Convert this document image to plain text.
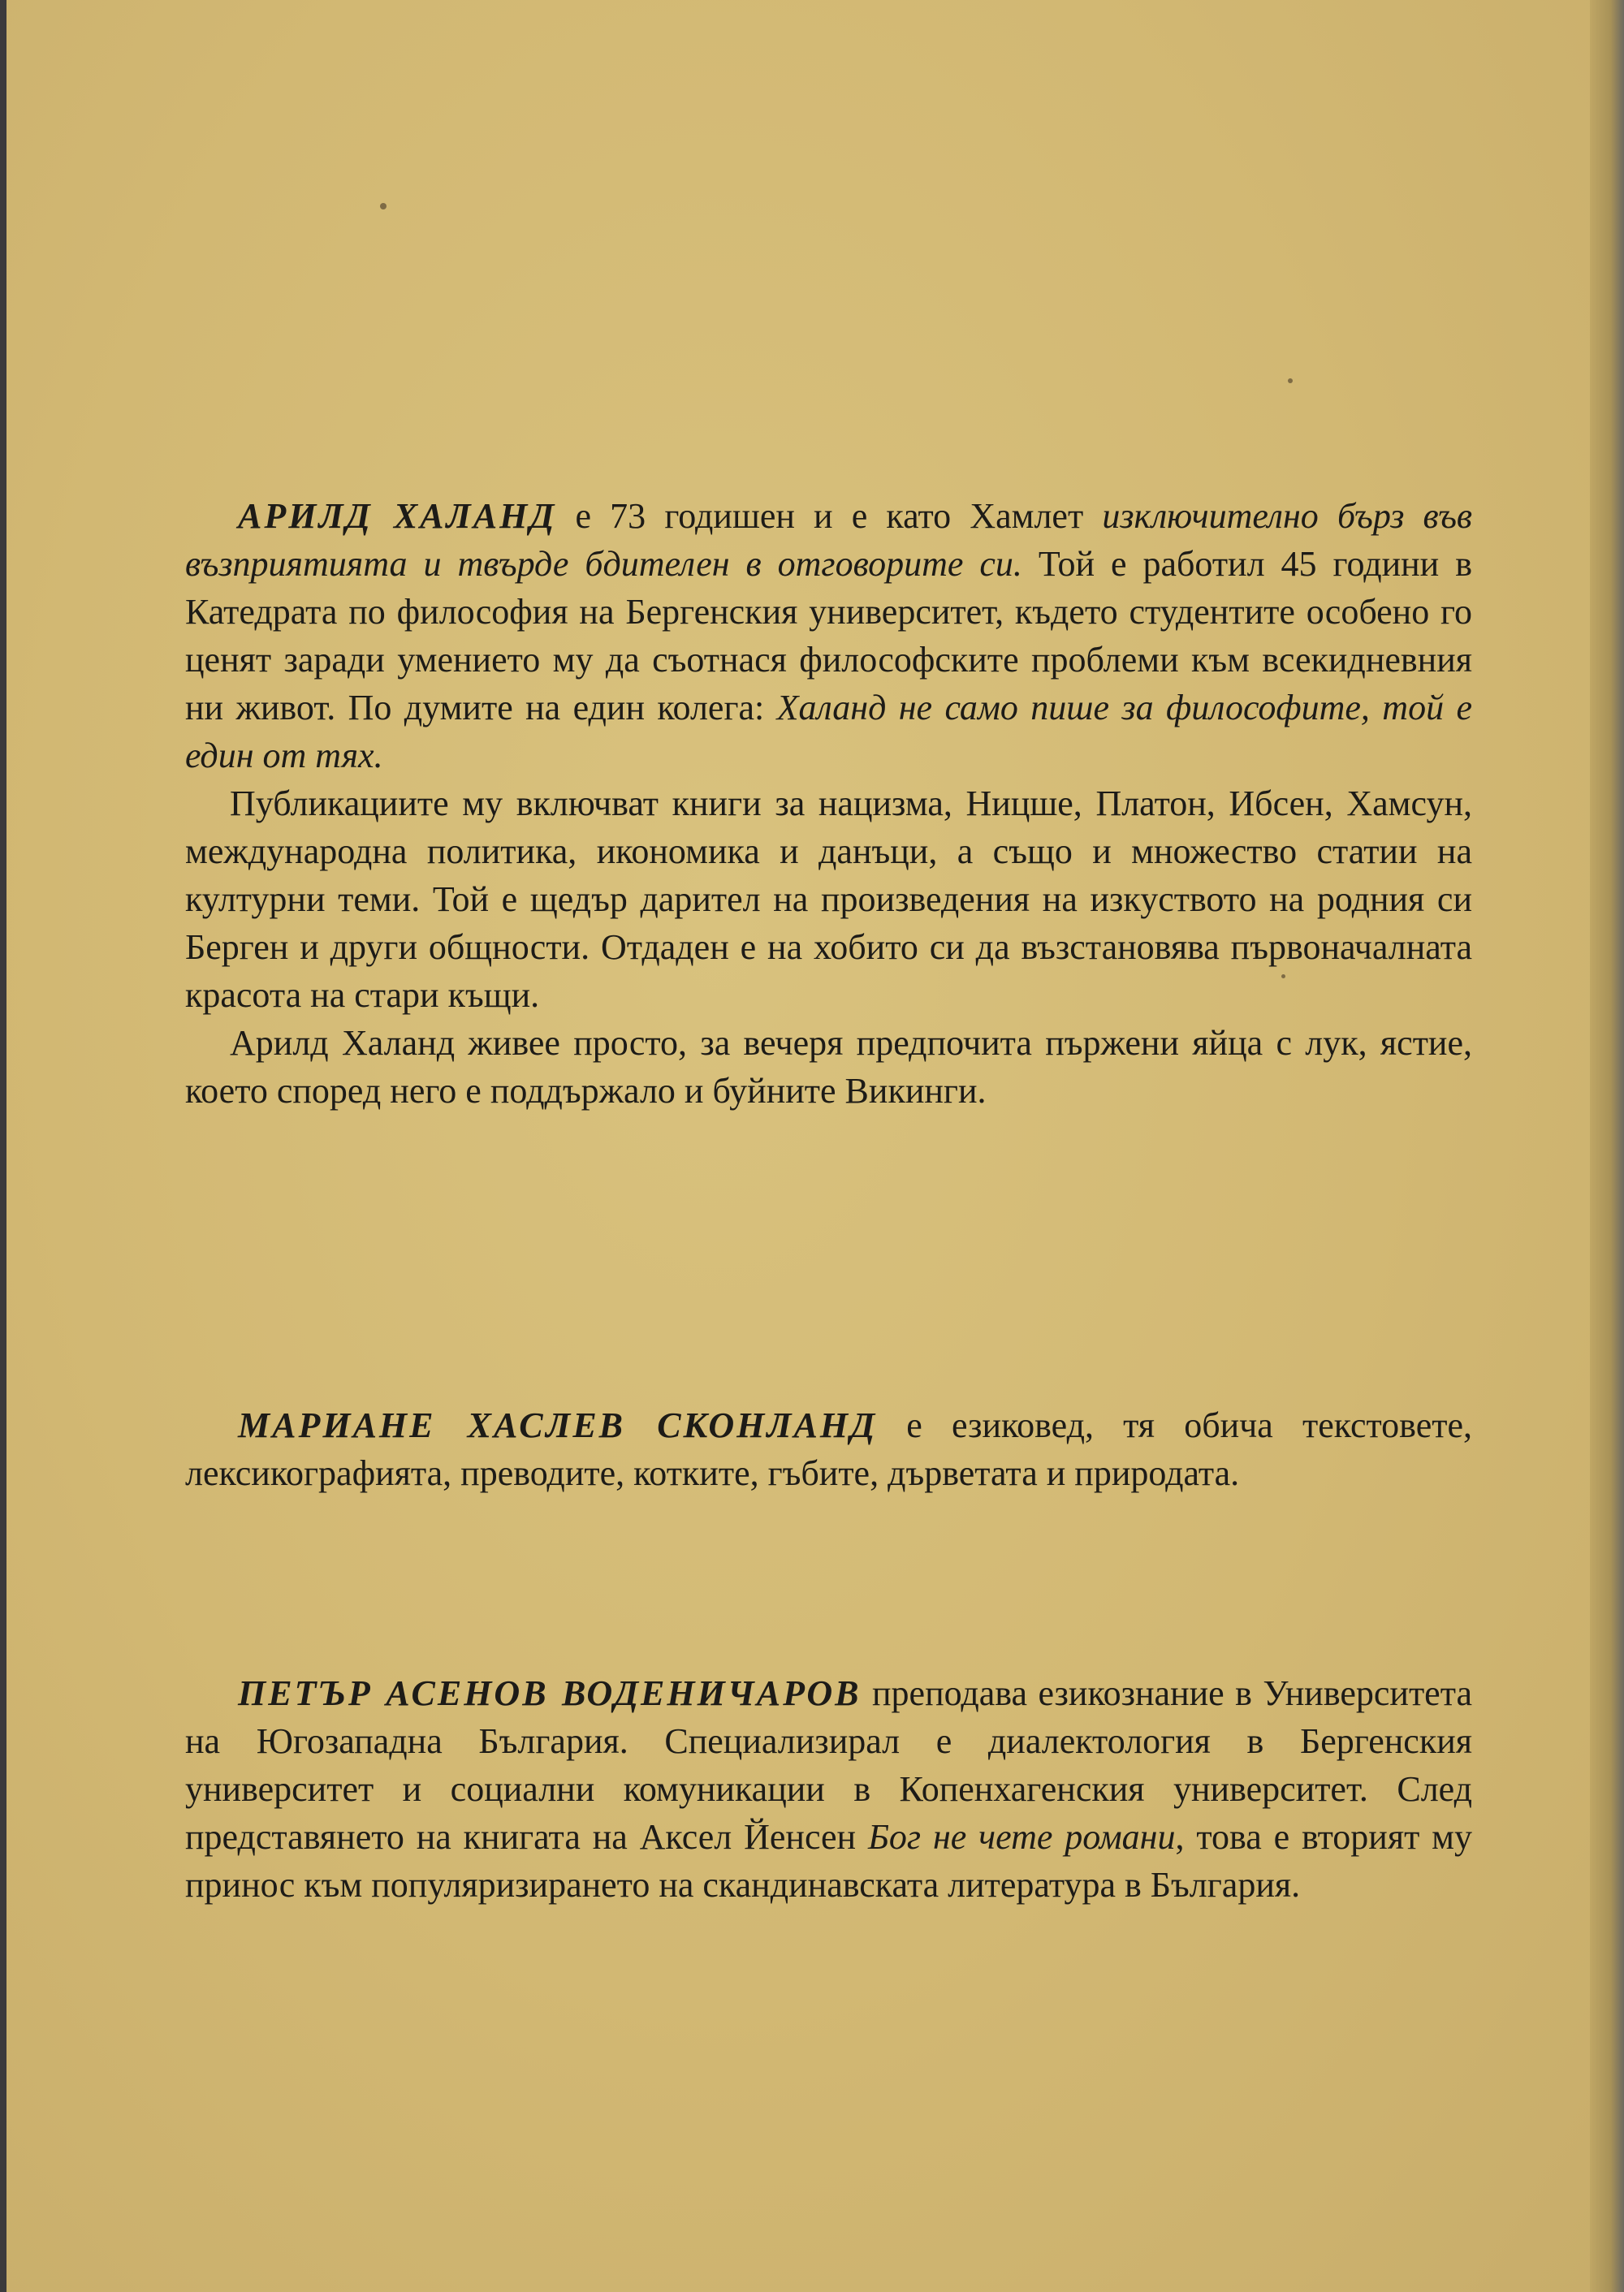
АРИЛД ХАЛАНД е 73 годишен и е като Хамлет изключително бърз във възприятията и твърде бдителен в отговорите си. Той е работил 45 години в Катедрата по философия на Бергенския университет, където студентите особено го ценят заради умението му да съотнася философските проблеми към всекидневния ни живот. По думите на един колега: Халанд не само пише за философите, той е един от тях.

Публикациите му включват книги за нацизма, Ницше, Платон, Ибсен, Хамсун, международна политика, икономика и данъци, а също и множество статии на културни теми. Той е щедър дарител на произведения на изкуството на родния си Берген и други общности. Отдаден е на хобито си да възстановява първоначалната красота на стари къщи.

Арилд Халанд живее просто, за вечеря предпочита пържени яйца с лук, ястие, което според него е поддържало и буйните Викинги.

МАРИАНЕ ХАСЛЕВ СКОНЛАНД е езиковед, тя обича текстовете, лексикографията, преводите, котките, гъбите, дърветата и природата.

ПЕТЪР АСЕНОВ ВОДЕНИЧАРОВ преподава езикознание в Университета на Югозападна България. Специализирал е диалектология в Бергенския университет и социални комуникации в Копенхагенския университет. След представянето на книгата на Аксел Йенсен Бог не чете романи, това е вторият му принос към популяризирането на скандинавската литература в България.
